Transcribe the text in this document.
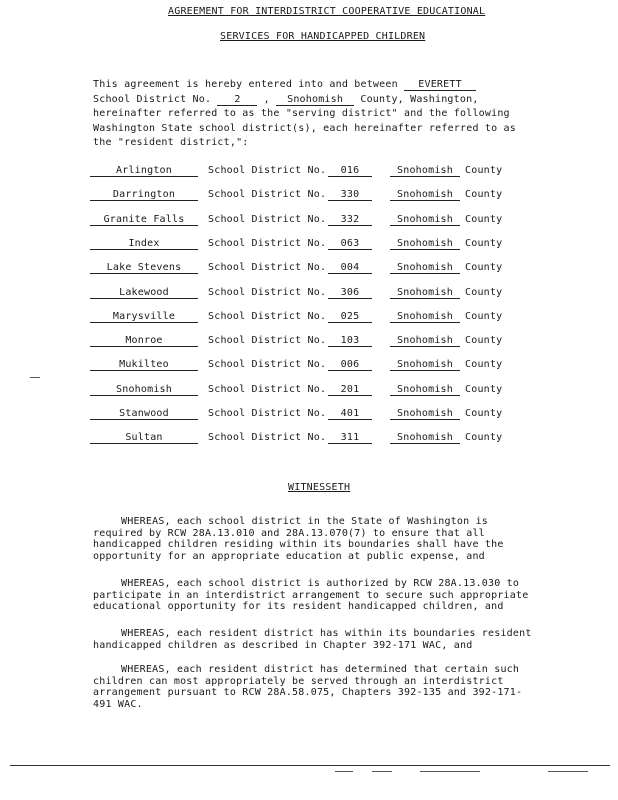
AGREEMENT FOR INTERDISTRICT COOPERATIVE EDUCATIONAL
SERVICES FOR HANDICAPPED CHILDREN
This agreement is hereby entered into and between EVERETT
School District No. 2 , Snohomish County, Washington,
hereinafter referred to as the "serving district" and the following
Washington State school district(s), each hereinafter referred to as
the "resident district,":
Arlington	School District No.	016	Snohomish	County
Darrington	School District No.	330	Snohomish	County
Granite Falls	School District No.	332	Snohomish	County
Index	School District No.	063	Snohomish	County
Lake Stevens	School District No.	004	Snohomish	County
Lakewood	School District No.	306	Snohomish	County
Marysville	School District No.	025	Snohomish	County
Monroe	School District No.	103	Snohomish	County
Mukilteo	School District No.	006	Snohomish	County
Snohomish	School District No.	201	Snohomish	County
Stanwood	School District No.	401	Snohomish	County
Sultan	School District No.	311	Snohomish	County
WITNESSETH
WHEREAS, each school district in the State of Washington is required by RCW 28A.13.010 and 28A.13.070(7) to ensure that all handicapped children residing within its boundaries shall have the opportunity for an appropriate education at public expense, and
WHEREAS, each school district is authorized by RCW 28A.13.030 to participate in an interdistrict arrangement to secure such appropriate educational opportunity for its resident handicapped children, and
WHEREAS, each resident district has within its boundaries resident handicapped children as described in Chapter 392-171 WAC, and
WHEREAS, each resident district has determined that certain such children can most appropriately be served through an interdistrict arrangement pursuant to RCW 28A.58.075, Chapters 392-135 and 392-171-491 WAC.
